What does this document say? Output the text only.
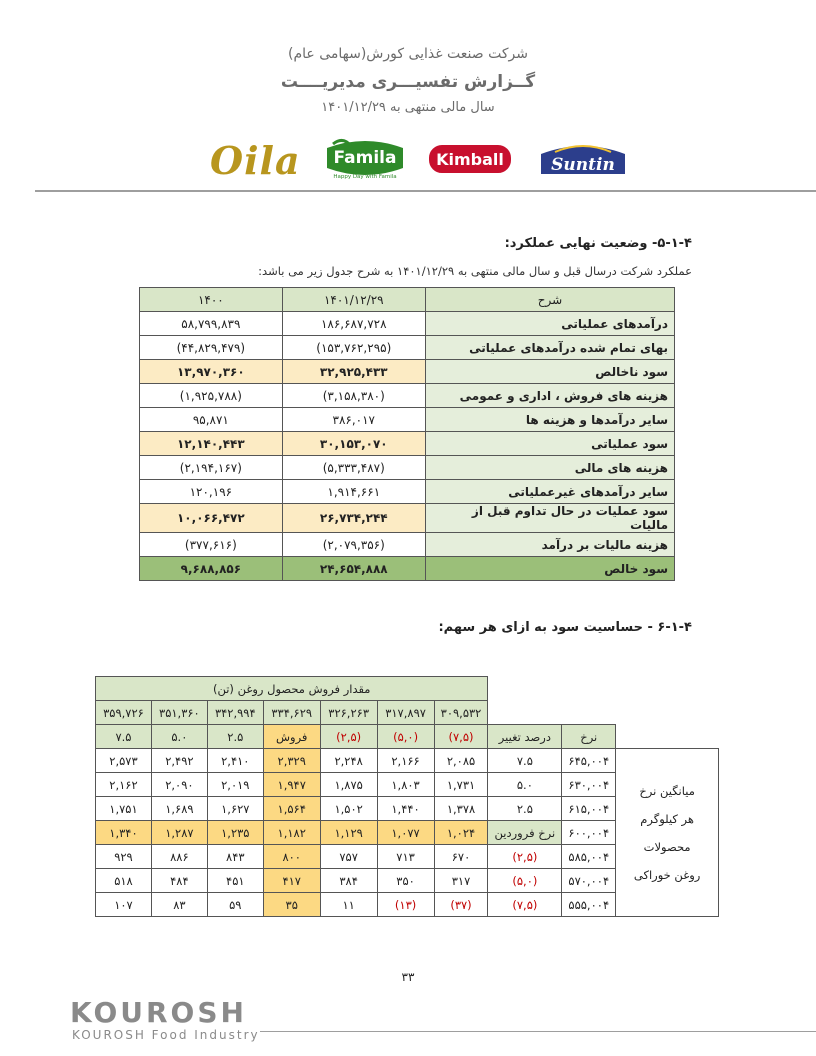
شرکت صنعت غذایی کورش(سهامی عام)
گــزارش تفسیـــری مدیریــــت
سال مالی منتهی به ۱۴۰۱/۱۲/۲۹
Oila Famila
Happy Day with Famila
Kimball	Suntin
۵-۱-۴- وضعیت نهایی عملکرد:
عملکرد شرکت درسال قبل و سال مالی منتهی به ۱۴۰۱/۱۲/۲۹ به شرح جدول زیر می باشد:
۱۴۰۰	۱۴۰۱/۱۲/۲۹	شرح
۵۸,۷۹۹,۸۳۹	۱۸۶,۶۸۷,۷۲۸	درآمدهای عملیاتی
(۴۴,۸۲۹,۴۷۹)	(۱۵۳,۷۶۲,۲۹۵)	بهای تمام شده درآمدهای عملیاتی
۱۳,۹۷۰,۳۶۰	۳۲,۹۲۵,۴۳۳	سود ناخالص
(۱,۹۲۵,۷۸۸)	(۳,۱۵۸,۳۸۰)	هزینه های فروش ، اداری و عمومی
۹۵,۸۷۱	۳۸۶,۰۱۷	سایر درآمدها و هزینه ها
۱۲,۱۴۰,۴۴۳	۳۰,۱۵۳,۰۷۰	سود عملیاتی
(۲,۱۹۴,۱۶۷)	(۵,۳۳۳,۴۸۷)	هزینه های مالی
۱۲۰,۱۹۶	۱,۹۱۴,۶۶۱	سایر درآمدهای غیرعملیاتی
۱۰,۰۶۶,۴۷۲	۲۶,۷۳۴,۲۴۴	سود عملیات در حال تداوم قبل از مالیات
(۳۷۷,۶۱۶)	(۲,۰۷۹,۳۵۶)	هزینه مالیات بر درآمد
۹,۶۸۸,۸۵۶	۲۴,۶۵۴,۸۸۸	سود خالص
۶-۱-۴ - حساسیت سود به ازای هر سهم:
مقدار فروش محصول روغن (تن)									
۳۵۹,۷۲۶	۳۵۱,۳۶۰	۳۴۲,۹۹۴	۳۳۴,۶۲۹	۳۲۶,۲۶۳	۳۱۷,۸۹۷	۳۰۹,۵۳۲			
۷.۵	۵.۰	۲.۵	فروش	(۲,۵)	(۵,۰)	(۷,۵)	درصد تغییر	نرخ	
۲,۵۷۳	۲,۴۹۲	۲,۴۱۰	۲,۳۲۹	۲,۲۴۸	۲,۱۶۶	۲,۰۸۵	۷.۵	۶۴۵,۰۰۴	میانگین نرخ
هر کیلوگرم
محصولات
روغن خوراکی

۲,۱۶۲	۲,۰۹۰	۲,۰۱۹	۱,۹۴۷	۱,۸۷۵	۱,۸۰۳	۱,۷۳۱	۵.۰	۶۳۰,۰۰۴	
۱,۷۵۱	۱,۶۸۹	۱,۶۲۷	۱,۵۶۴	۱,۵۰۲	۱,۴۴۰	۱,۳۷۸	۲.۵	۶۱۵,۰۰۴	
۱,۳۴۰	۱,۲۸۷	۱,۲۳۵	۱,۱۸۲	۱,۱۲۹	۱,۰۷۷	۱,۰۲۴	نرخ فروردین	۶۰۰,۰۰۴	
۹۲۹	۸۸۶	۸۴۳	۸۰۰	۷۵۷	۷۱۳	۶۷۰	(۲,۵)	۵۸۵,۰۰۴	
۵۱۸	۴۸۴	۴۵۱	۴۱۷	۳۸۴	۳۵۰	۳۱۷	(۵,۰)	۵۷۰,۰۰۴	
۱۰۷	۸۳	۵۹	۳۵	۱۱	(۱۳)	(۳۷)	(۷,۵)	۵۵۵,۰۰۴	
۳۳
KOUROSH
KOUROSH Food Industry
